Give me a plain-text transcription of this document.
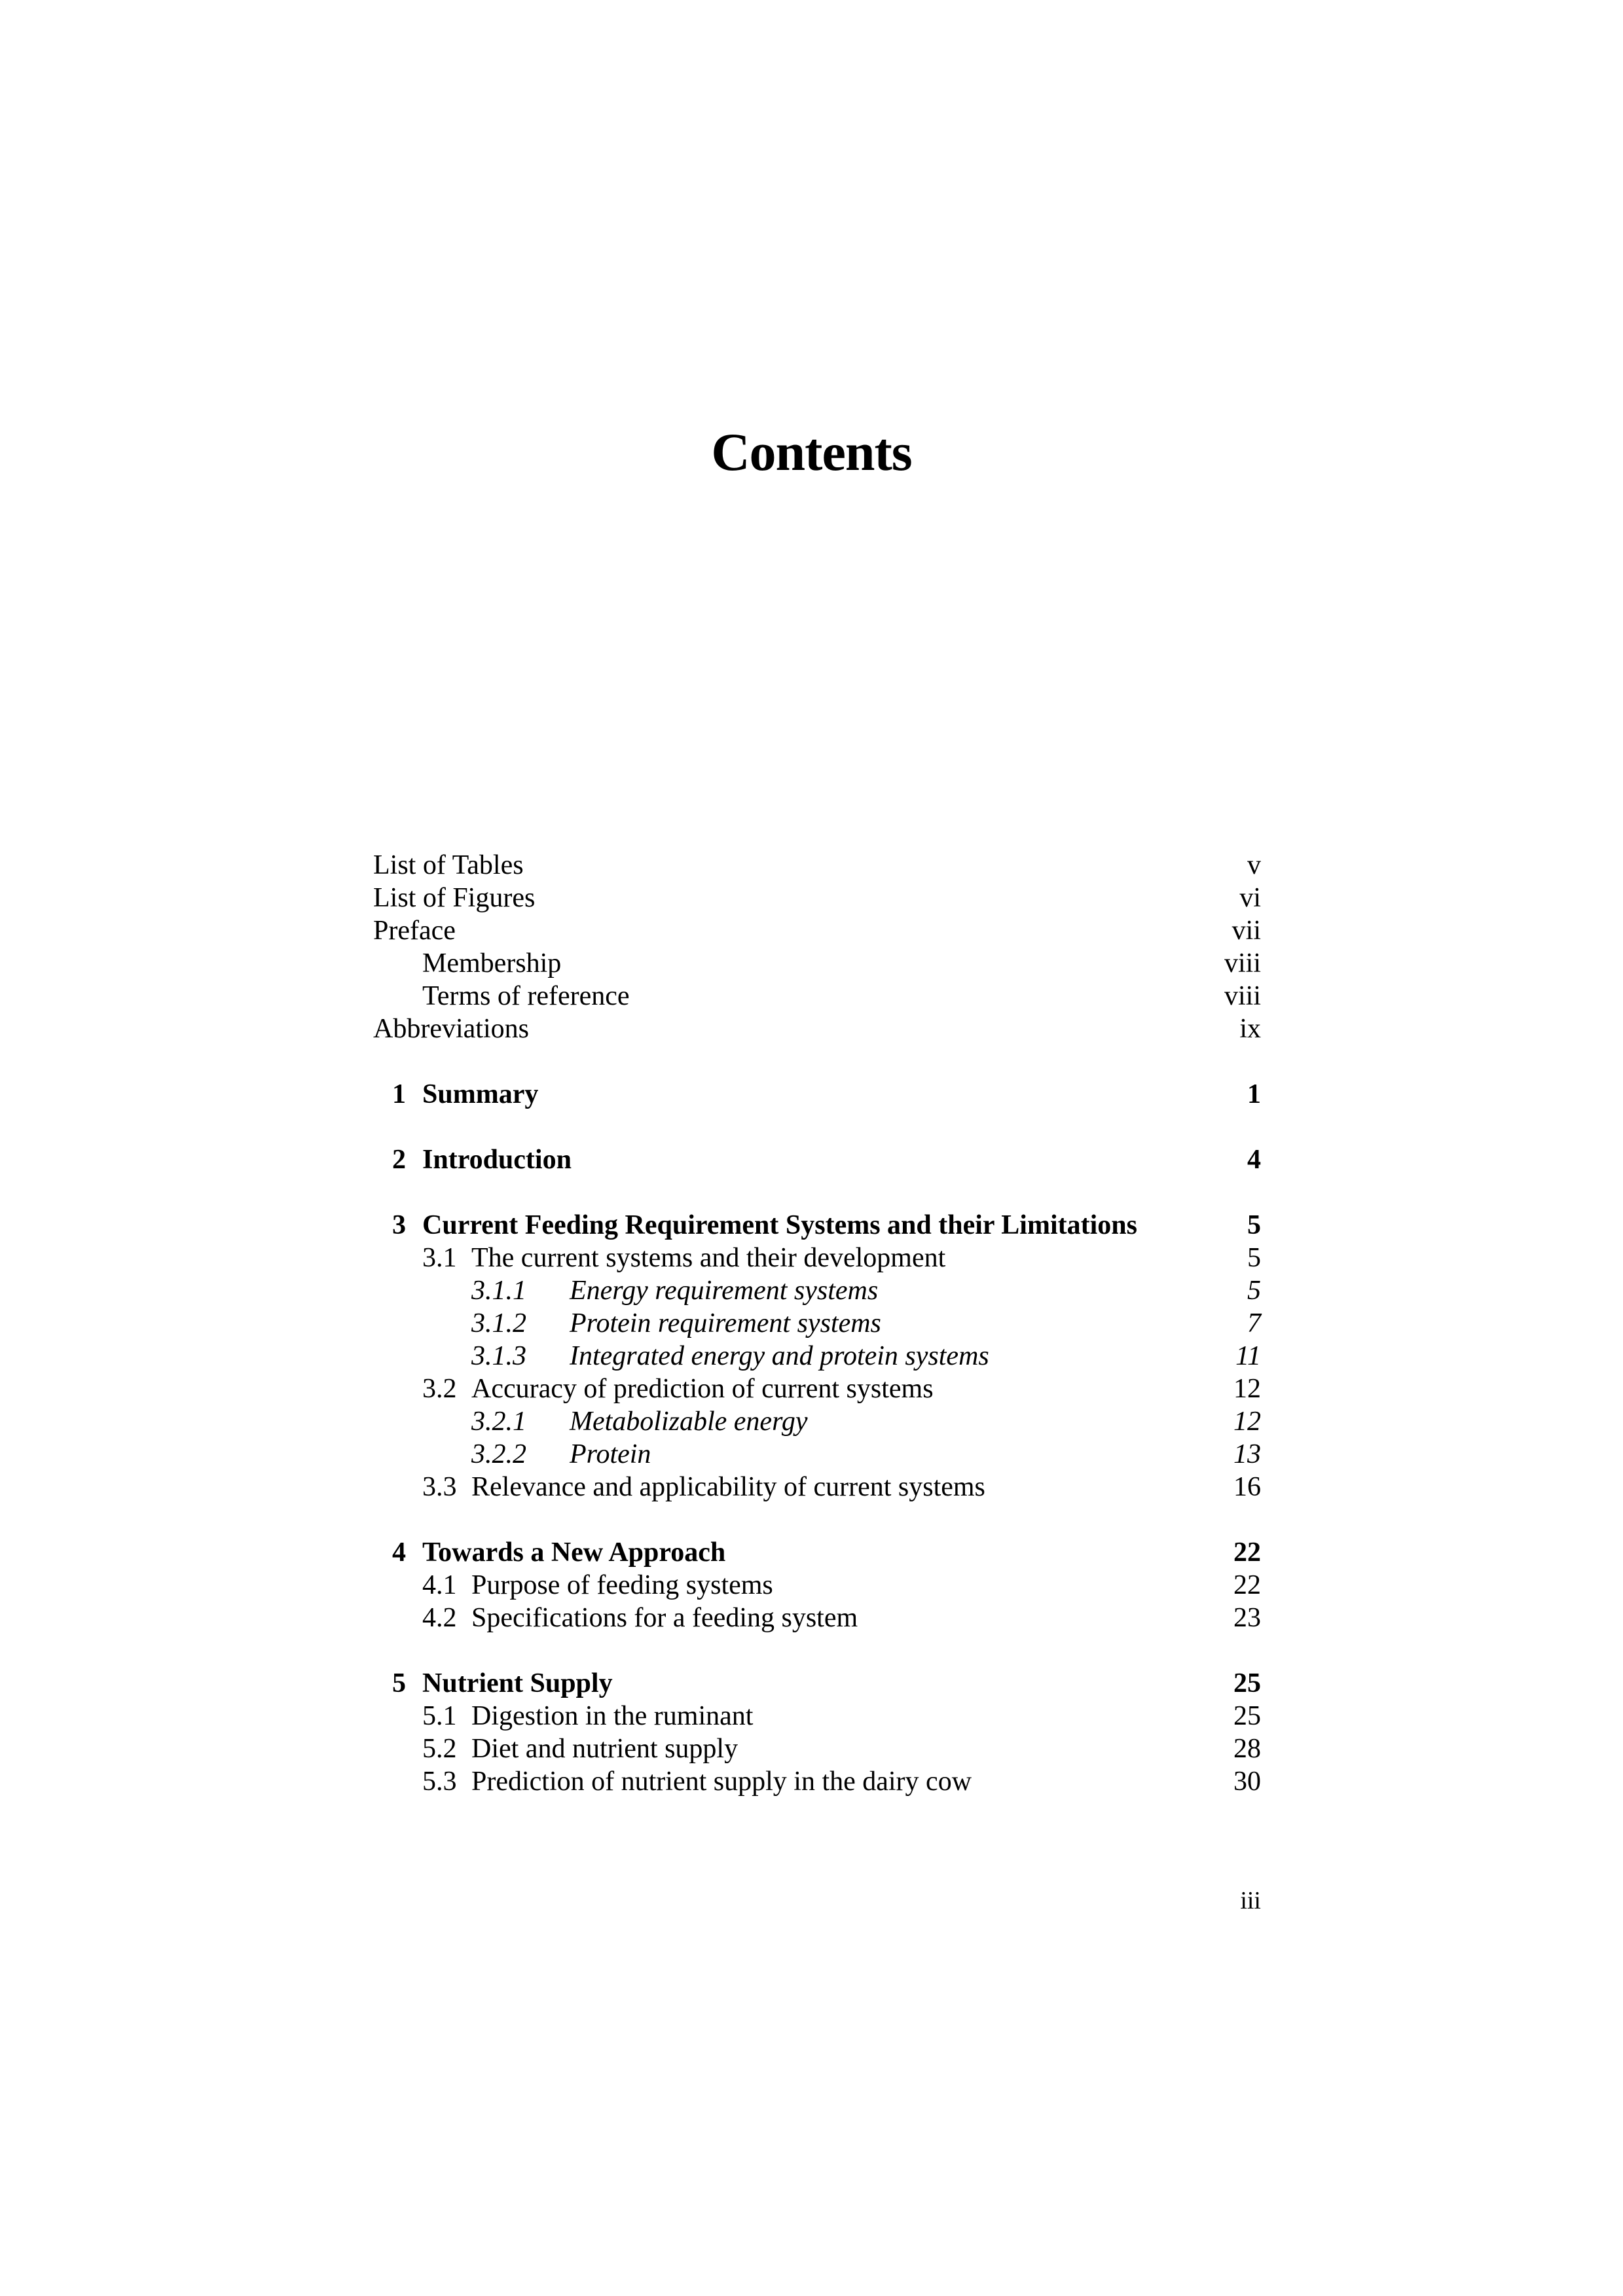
Contents
List of Tables	v
List of Figures	vi
Preface	vii
Membership	viii
Terms of reference	viii
Abbreviations	ix
1 Summary	1
2 Introduction	4
3 Current Feeding Requirement Systems and their Limitations	5
3.1 The current systems and their development	5
3.1.1 Energy requirement systems	5
3.1.2 Protein requirement systems	7
3.1.3 Integrated energy and protein systems	11
3.2 Accuracy of prediction of current systems	12
3.2.1 Metabolizable energy	12
3.2.2 Protein	13
3.3 Relevance and applicability of current systems	16
4 Towards a New Approach	22
4.1 Purpose of feeding systems	22
4.2 Specifications for a feeding system	23
5 Nutrient Supply	25
5.1 Digestion in the ruminant	25
5.2 Diet and nutrient supply	28
5.3 Prediction of nutrient supply in the dairy cow	30
iii
